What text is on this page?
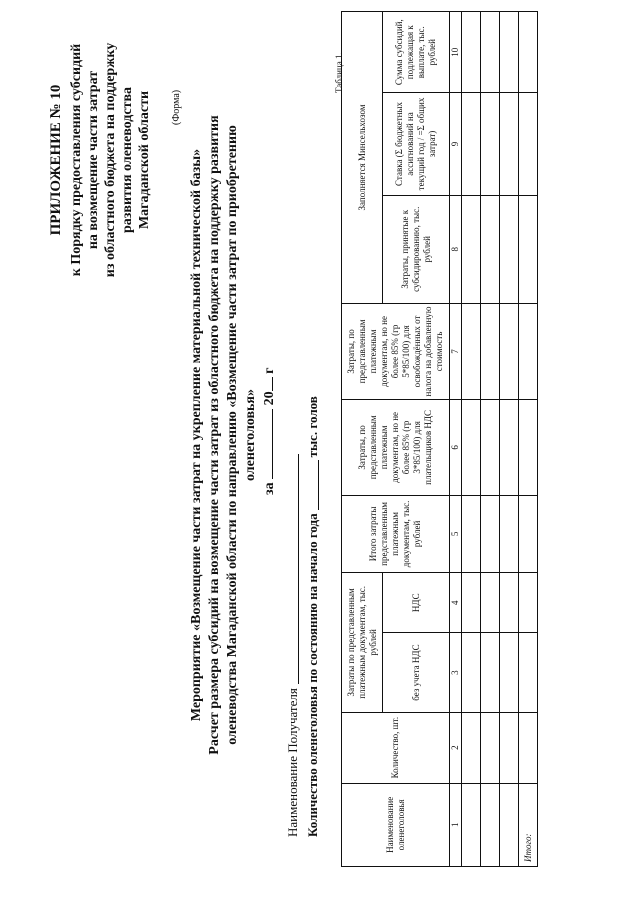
ПРИЛОЖЕНИЕ № 10 к Порядку предоставления субсидий на возмещение части затрат из областного бюджета на поддержку развития оленеводства Магаданской области (Форма)
Мероприятие «Возмещение части затрат на укрепление материальной технической базы» Расчет размера субсидий на возмещение части затрат из областного бюджета на поддержку развития оленеводства Магаданской области по направлению «Возмещение части затрат по приобретению оленеголовья»
за  20 г
Наименование Получателя Количество оленеголовья по состоянию на начало годатыс. голов
Таблица 1.
Наименование оленеголовья	Количество, шт.	Затраты по представленным платежным документам, тыс. рублей		Итого затраты представленным платежным документам, тыс. рублей	Затраты, по представленным платежным документам, но не более 85% (гр 3*85/100) для плательщиков НДС	Затраты, по представленным платежным документам, но не более 85% (гр 5*85/100) для освобождённых от налога на добавленную стоимость	Заполняется Минсельхозом		
		без учета НДС	НДС				Затраты, принятые к субсидированию, тыс. рублей	Ставка (Σ бюджетных ассигнований на текущий год / =Σ общих затрат)	Сумма субсидий, подлежащая к выплате, тыс. рублей
1	2	3	4	5	6	7	8	9	10

Итого:									
